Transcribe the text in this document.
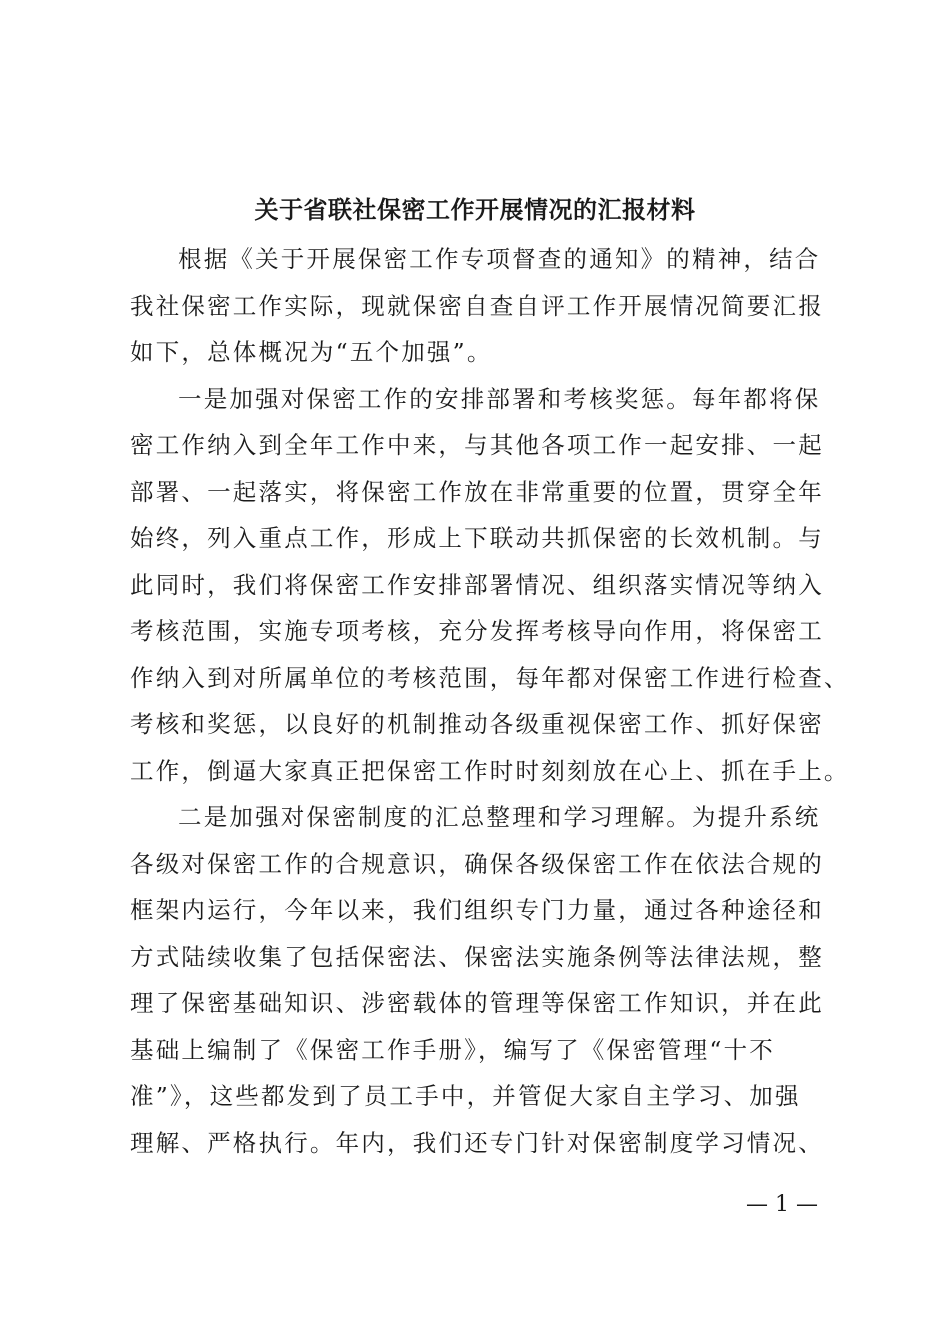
关于省联社保密工作开展情况的汇报材料
根据《关于开展保密工作专项督查的通知》的精神，结合
我社保密工作实际，现就保密自查自评工作开展情况简要汇报
如下，总体概况为“五个加强”。
一是加强对保密工作的安排部署和考核奖惩。每年都将保
密工作纳入到全年工作中来，与其他各项工作一起安排、一起
部署、一起落实，将保密工作放在非常重要的位置，贯穿全年
始终，列入重点工作，形成上下联动共抓保密的长效机制。与
此同时，我们将保密工作安排部署情况、组织落实情况等纳入
考核范围，实施专项考核，充分发挥考核导向作用，将保密工
作纳入到对所属单位的考核范围，每年都对保密工作进行检查、
考核和奖惩，以良好的机制推动各级重视保密工作、抓好保密
工作，倒逼大家真正把保密工作时时刻刻放在心上、抓在手上。
二是加强对保密制度的汇总整理和学习理解。为提升系统
各级对保密工作的合规意识，确保各级保密工作在依法合规的
框架内运行，今年以来，我们组织专门力量，通过各种途径和
方式陆续收集了包括保密法、保密法实施条例等法律法规，整
理了保密基础知识、涉密载体的管理等保密工作知识，并在此
基础上编制了《保密工作手册》，编写了《保密管理“十不
准”》，这些都发到了员工手中，并管促大家自主学习、加强
理解、严格执行。年内，我们还专门针对保密制度学习情况、
— 1 —
